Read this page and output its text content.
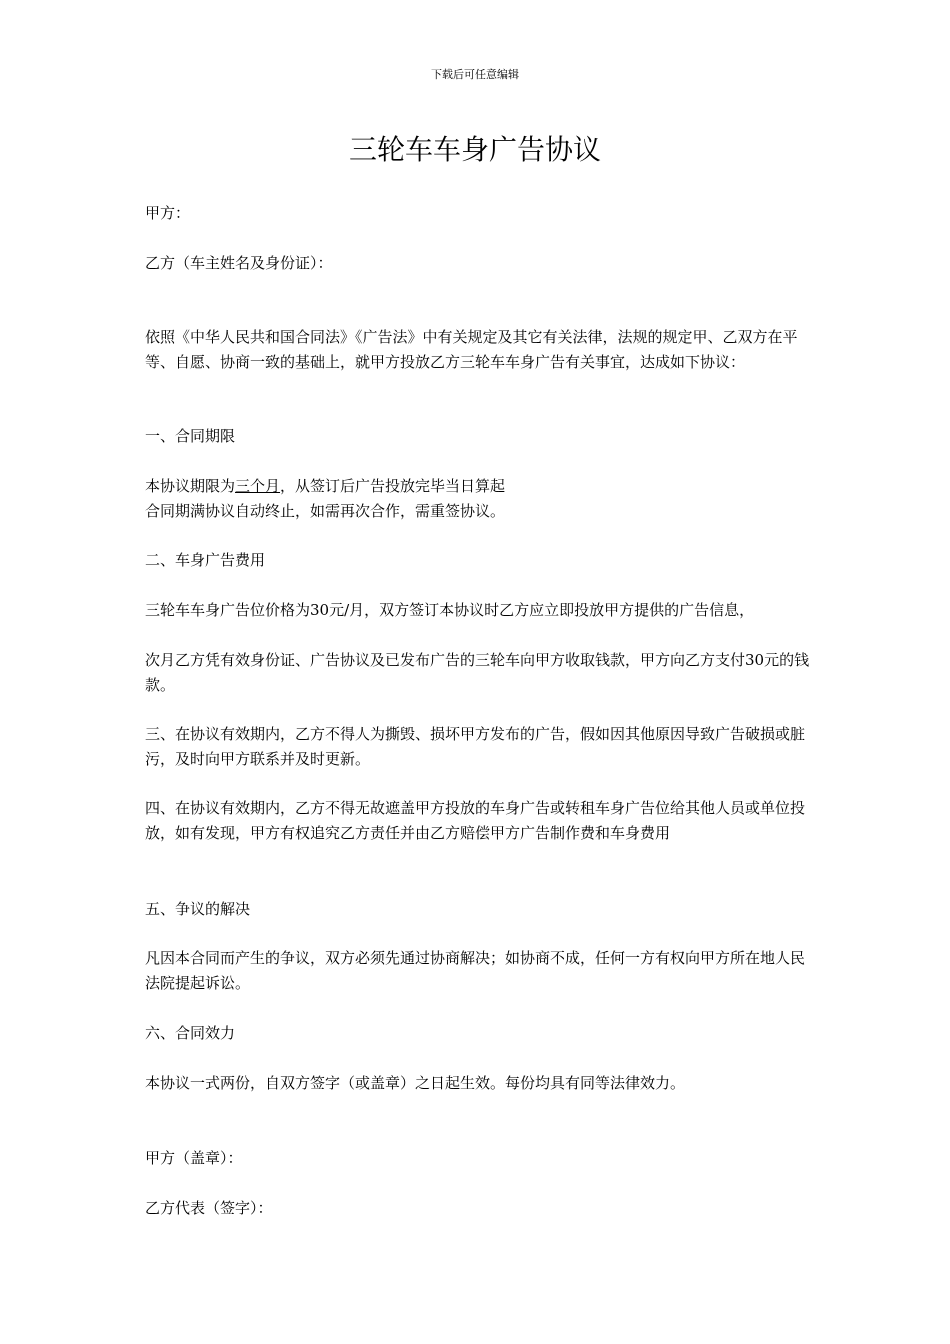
下载后可任意编辑
三轮车车身广告协议
甲方：
乙方（车主姓名及身份证）：
依照《中华人民共和国合同法》《广告法》中有关规定及其它有关法律，法规的规定甲、乙双方在平等、自愿、协商一致的基础上，就甲方投放乙方三轮车车身广告有关事宜，达成如下协议：
一、合同期限
本协议期限为三个月，从签订后广告投放完毕当日算起
合同期满协议自动终止，如需再次合作，需重签协议。
二、车身广告费用
三轮车车身广告位价格为30元/月，双方签订本协议时乙方应立即投放甲方提供的广告信息，
次月乙方凭有效身份证、广告协议及已发布广告的三轮车向甲方收取钱款，甲方向乙方支付30元的钱款。
三、在协议有效期内，乙方不得人为撕毁、损坏甲方发布的广告，假如因其他原因导致广告破损或脏污，及时向甲方联系并及时更新。
四、在协议有效期内，乙方不得无故遮盖甲方投放的车身广告或转租车身广告位给其他人员或单位投放，如有发现，甲方有权追究乙方责任并由乙方赔偿甲方广告制作费和车身费用
五、争议的解决
凡因本合同而产生的争议，双方必须先通过协商解决；如协商不成，任何一方有权向甲方所在地人民法院提起诉讼。
六、合同效力
本协议一式两份，自双方签字（或盖章）之日起生效。每份均具有同等法律效力。
甲方（盖章）：
乙方代表（签字）：
